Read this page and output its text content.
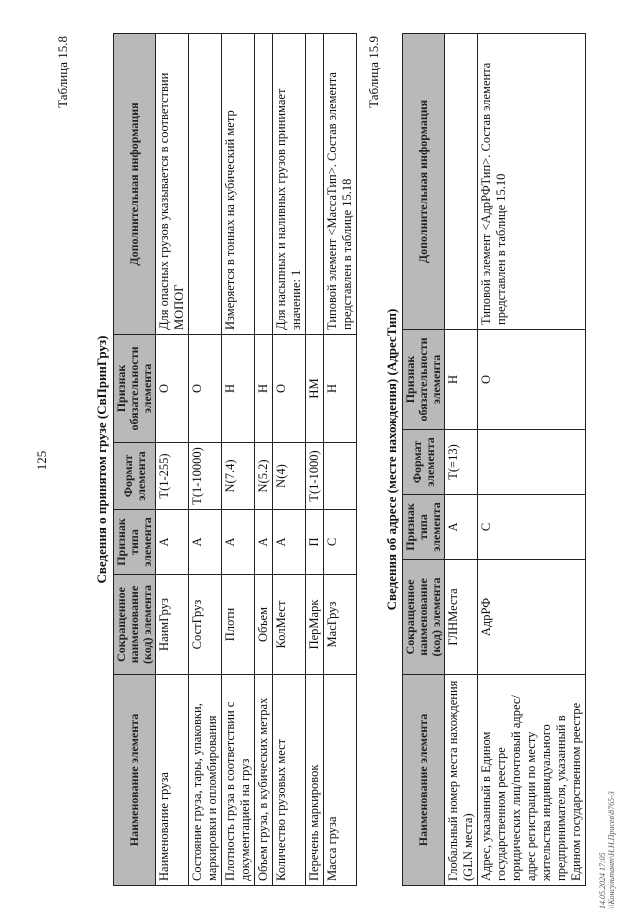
125
Таблица 15.8
Сведения о принятом грузе (СвПринГруз)
Наименование элемента	Сокращенное наименование (код) элемента	Признак типа элемента	Формат элемента	Признак обязательности элемента	Дополнительная информация
Наименование груза	НаимГруз	А	T(1-255)	О	Для опасных грузов указывается в соответствии МОПОГ
Состояние груза, тары, упаковки, маркировки и опломбирования	СостГруз	А	T(1-10000)	О	
Плотность груза в соответствии с документацией на груз	Плотн	А	N(7.4)	Н	Измеряется в тоннах на кубический метр
Объем груза, в кубических метрах	Объем	А	N(5.2)	Н	
Количество грузовых мест	КолМест	А	N(4)	О	Для насыпных и наливных грузов принимает значение: 1
Перечень маркировок	ПерМарк	П	T(1-1000)	НМ	
Масса груза	МасГруз	С		Н	Типовой элемент <МассаТип>. Состав элемента представлен в таблице 15.18
Таблица 15.9
Сведения об адресе (месте нахождения) (АдресТип)
Наименование элемента	Сокращенное наименование (код) элемента	Признак типа элемента	Формат элемента	Признак обязательности элемента	Дополнительная информация
Глобальный номер места нахождения (GLN места)	ГЛНМеста	А	T(=13)	Н	
Адрес, указанный в Едином государственном реестре юридических лиц/почтовый адрес/адрес регистрации по месту жительства индивидуального предпринимателя, указанный в Едином государственном реестре	АдрРФ	С		О	Типовой элемент <АдрРФТип>. Состав элемента представлен в таблице 15.10
14.05.2024 17:05 \\Консультант\Н.Н.Присев\8765-3
